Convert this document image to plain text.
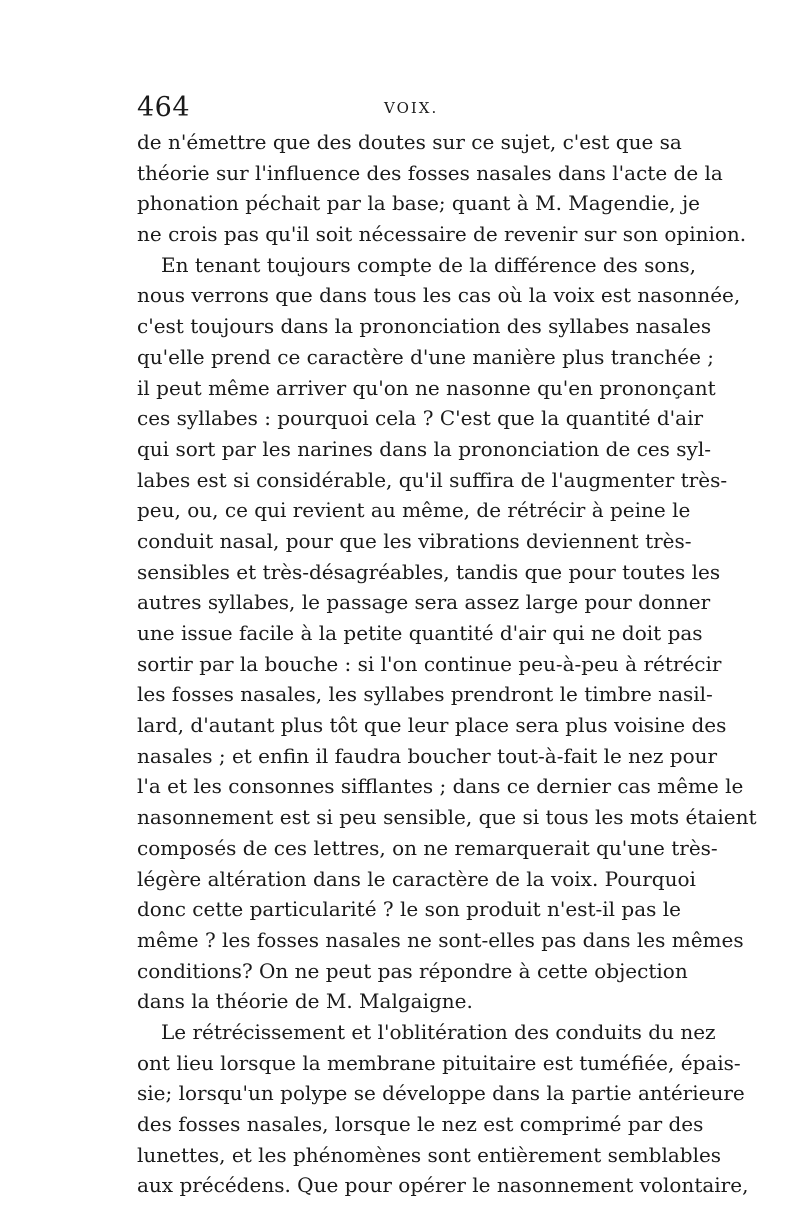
464	VOIX.
de n'émettre que des doutes sur ce sujet, c'est que sa
théorie sur l'influence des fosses nasales dans l'acte de la
phonation péchait par la base; quant à M. Magendie, je
ne crois pas qu'il soit nécessaire de revenir sur son opinion.
En tenant toujours compte de la différence des sons,
nous verrons que dans tous les cas où la voix est nasonnée,
c'est toujours dans la prononciation des syllabes nasales
qu'elle prend ce caractère d'une manière plus tranchée ;
il peut même arriver qu'on ne nasonne qu'en prononçant
ces syllabes : pourquoi cela ? C'est que la quantité d'air
qui sort par les narines dans la prononciation de ces syl-
labes est si considérable, qu'il suffira de l'augmenter très-
peu, ou, ce qui revient au même, de rétrécir à peine le
conduit nasal, pour que les vibrations deviennent très-
sensibles et très-désagréables, tandis que pour toutes les
autres syllabes, le passage sera assez large pour donner
une issue facile à la petite quantité d'air qui ne doit pas
sortir par la bouche : si l'on continue peu-à-peu à rétrécir
les fosses nasales, les syllabes prendront le timbre nasil-
lard, d'autant plus tôt que leur place sera plus voisine des
nasales ; et enfin il faudra boucher tout-à-fait le nez pour
l'a et les consonnes sifflantes ; dans ce dernier cas même le
nasonnement est si peu sensible, que si tous les mots étaient
composés de ces lettres, on ne remarquerait qu'une très-
légère altération dans le caractère de la voix. Pourquoi
donc cette particularité ? le son produit n'est-il pas le
même ? les fosses nasales ne sont-elles pas dans les mêmes
conditions? On ne peut pas répondre à cette objection
dans la théorie de M. Malgaigne.
Le rétrécissement et l'oblitération des conduits du nez
ont lieu lorsque la membrane pituitaire est tuméfiée, épais-
sie; lorsqu'un polype se développe dans la partie antérieure
des fosses nasales, lorsque le nez est comprimé par des
lunettes, et les phénomènes sont entièrement semblables
aux précédens. Que pour opérer le nasonnement volontaire,
